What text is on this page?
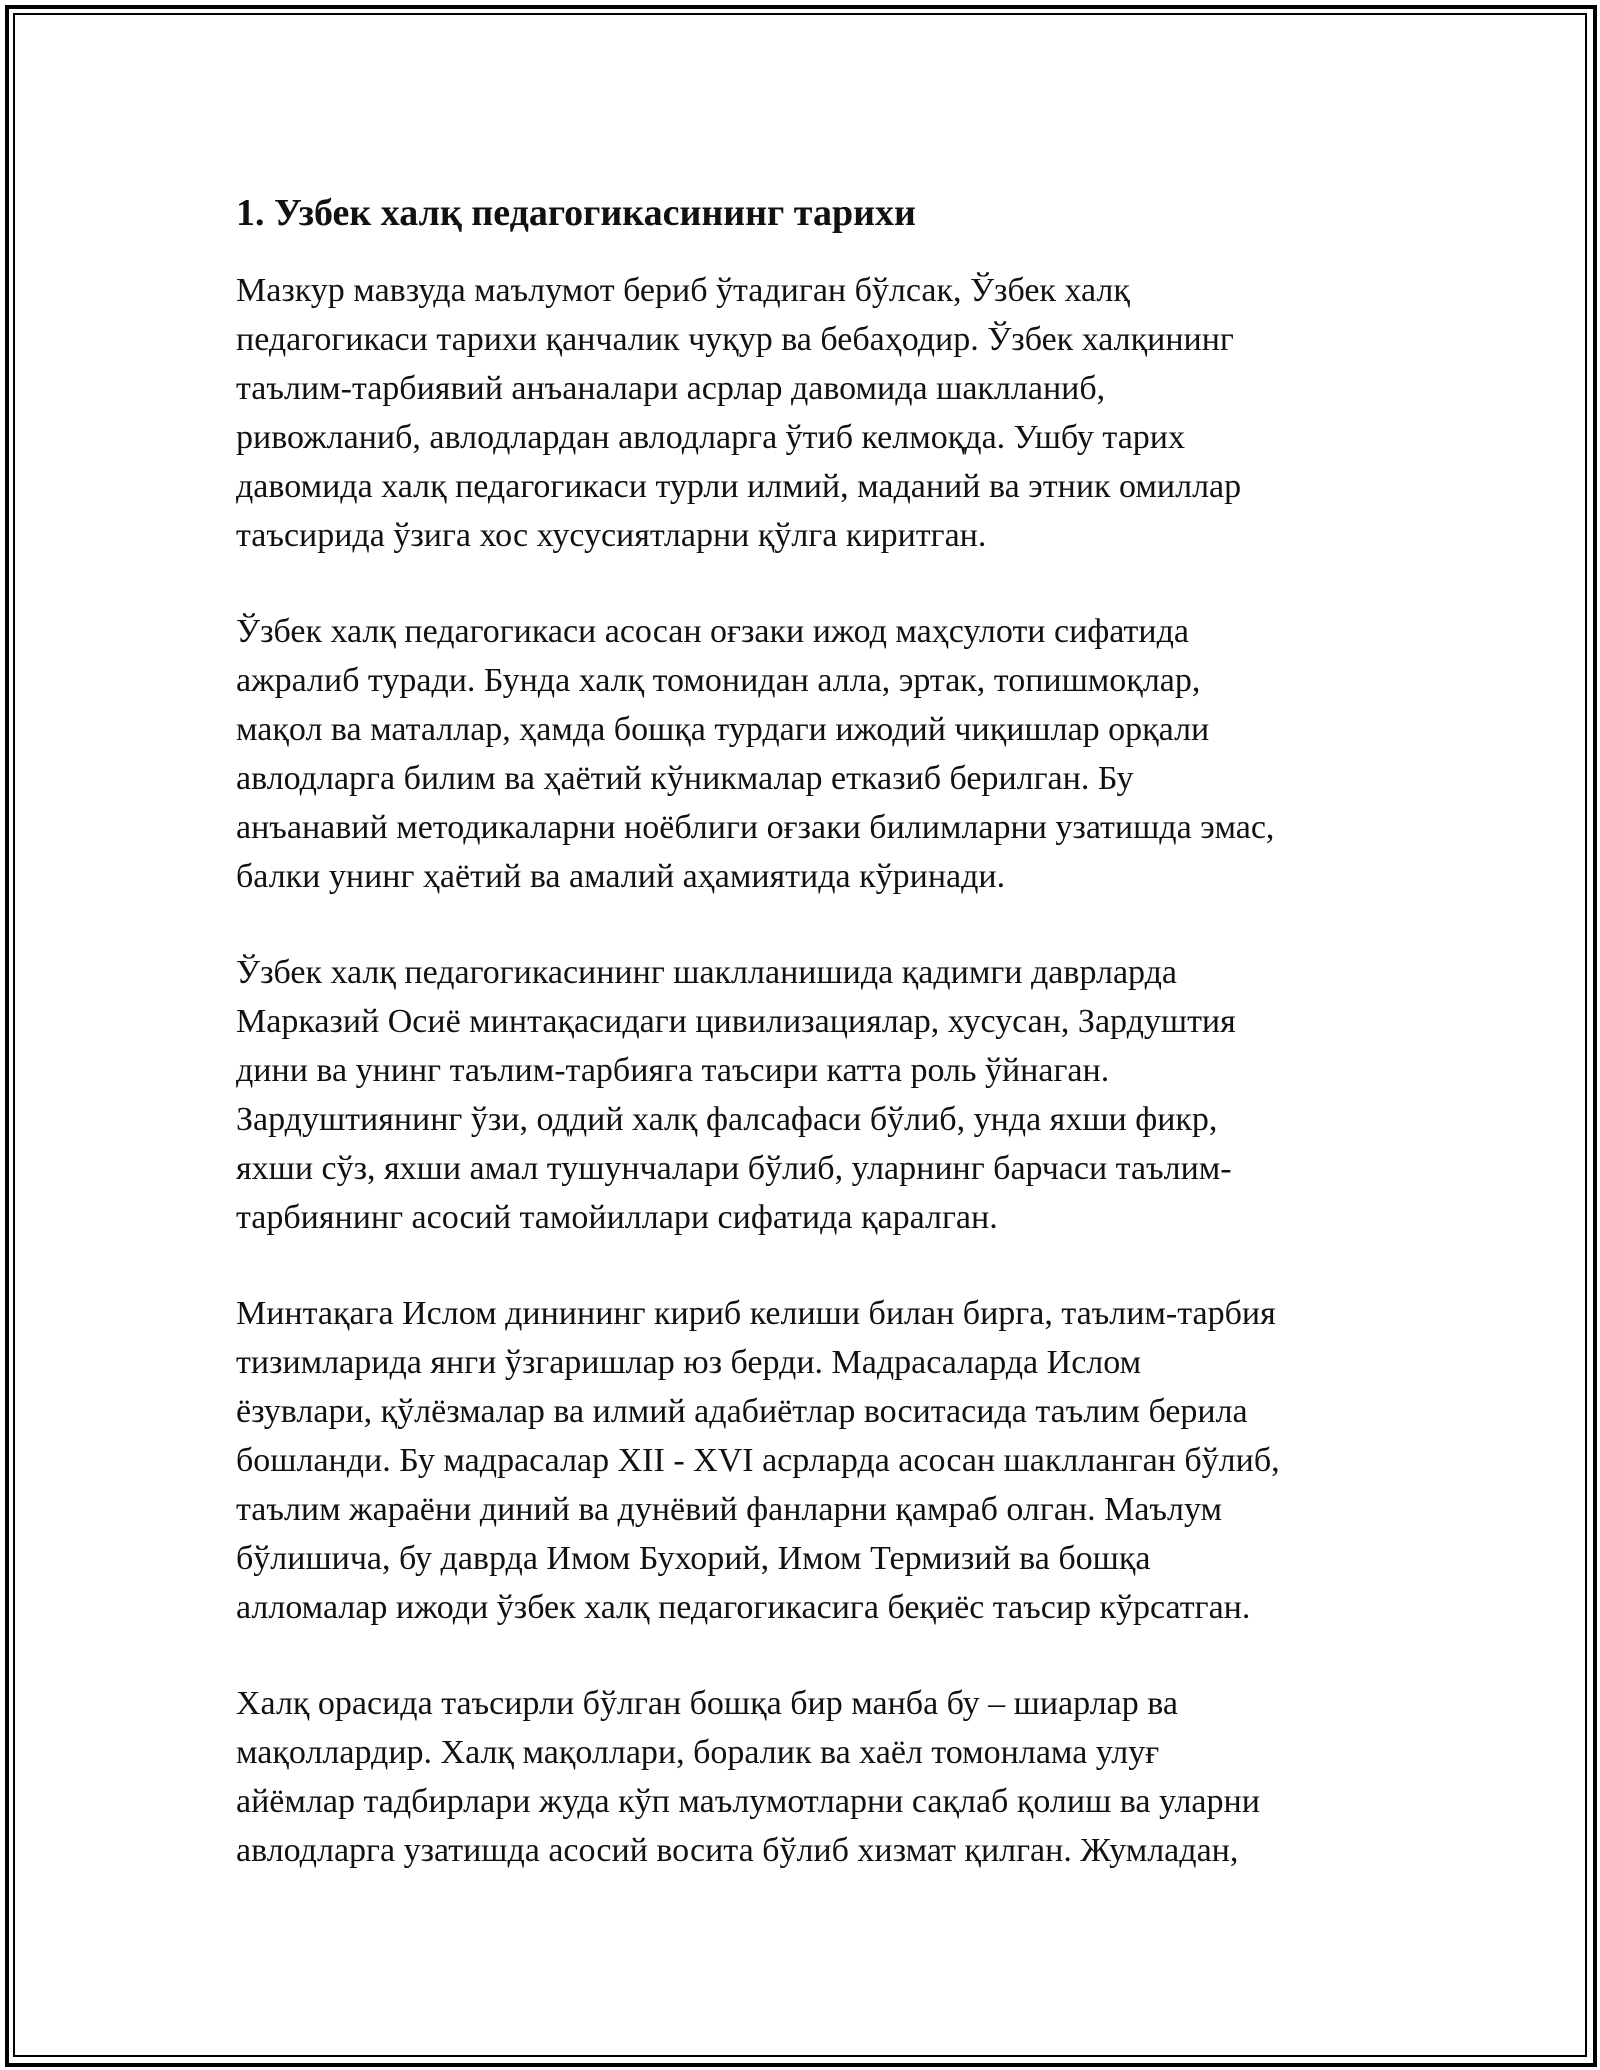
1. Узбек халқ педагогикасининг тарихи

Мазкур мавзуда маълумот бериб ўтадиган бўлсак, Ўзбек халқ
педагогикаси тарихи қанчалик чуқур ва бебаҳодир. Ўзбек халқининг
таълим-тарбиявий анъаналари асрлар давомида шаклланиб,
ривожланиб, авлодлардан авлодларга ўтиб келмоқда. Ушбу тарих
давомида халқ педагогикаси турли илмий, маданий ва этник омиллар
таъсирида ўзига хос хусусиятларни қўлга киритган.

Ўзбек халқ педагогикаси асосан оғзаки ижод маҳсулоти сифатида
ажралиб туради. Бунда халқ томонидан алла, эртак, топишмоқлар,
мақол ва маталлар, ҳамда бошқа турдаги ижодий чиқишлар орқали
авлодларга билим ва ҳаётий кўникмалар етказиб берилган. Бу
анъанавий методикаларни ноёблиги оғзаки билимларни узатишда эмас,
балки унинг ҳаётий ва амалий аҳамиятида кўринади.

Ўзбек халқ педагогикасининг шаклланишида қадимги даврларда
Марказий Осиё минтақасидаги цивилизациялар, хусусан, Зардуштия
дини ва унинг таълим-тарбияга таъсири катта роль ўйнаган.
Зардуштиянинг ўзи, оддий халқ фалсафаси бўлиб, унда яхши фикр,
яхши сўз, яхши амал тушунчалари бўлиб, уларнинг барчаси таълим-
тарбиянинг асосий тамойиллари сифатида қаралган.

Минтақага Ислом динининг кириб келиши билан бирга, таълим-тарбия
тизимларида янги ўзгаришлар юз берди. Мадрасаларда Ислом
ёзувлари, қўлёзмалар ва илмий адабиётлар воситасида таълим берила
бошланди. Бу мадрасалар XII - XVI асрларда асосан шаклланган бўлиб,
таълим жараёни диний ва дунёвий фанларни қамраб олган. Маълум
бўлишича, бу даврда Имом Бухорий, Имом Термизий ва бошқа
алломалар ижоди ўзбек халқ педагогикасига беқиёс таъсир кўрсатган.

Халқ орасида таъсирли бўлган бошқа бир манба бу – шиарлар ва
мақоллардир. Халқ мақоллари, боралик ва хаёл томонлама улуғ
айёмлар тадбирлари жуда кўп маълумотларни сақлаб қолиш ва уларни
авлодларга узатишда асосий восита бўлиб хизмат қилган. Жумладан,
